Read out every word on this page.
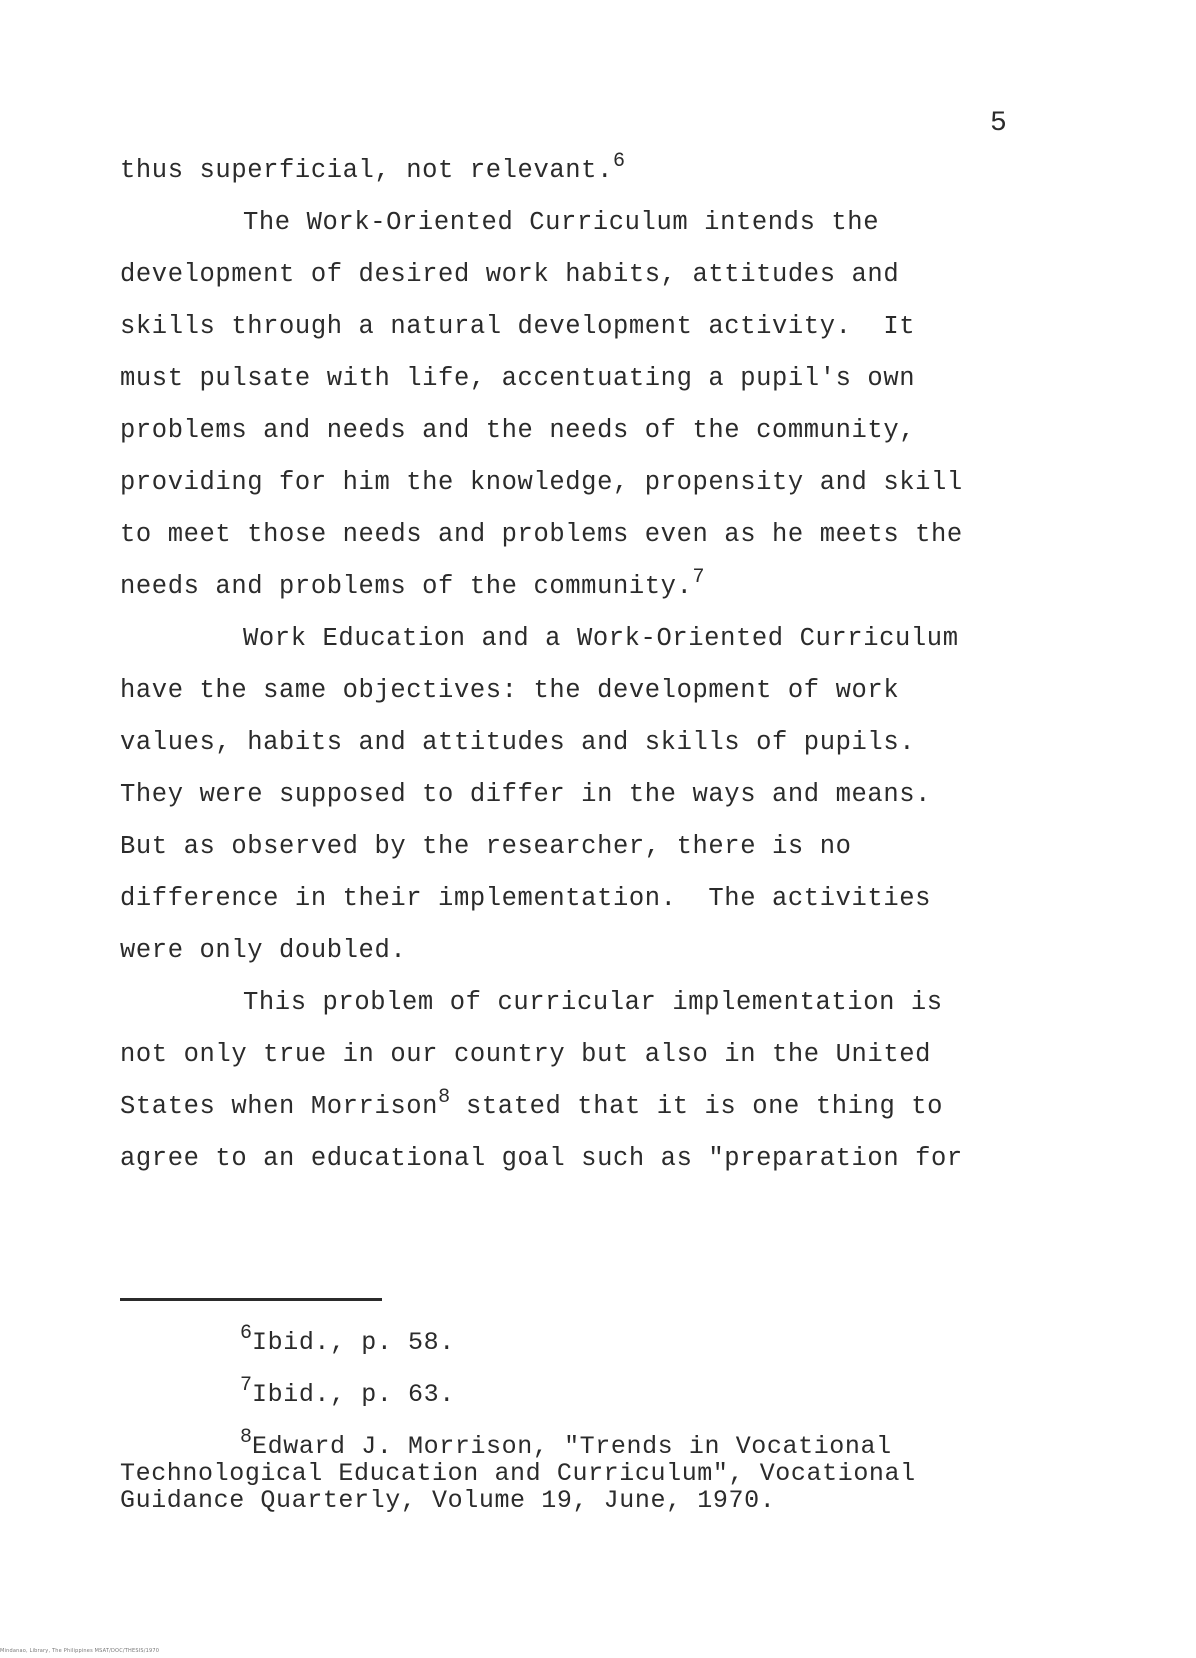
5
thus superficial, not relevant.$^6$
The Work-Oriented Curriculum intends the
development of desired work habits, attitudes and
skills through a natural development activity.  It
must pulsate with life, accentuating a pupil's own
problems and needs and the needs of the community,
providing for him the knowledge, propensity and skill
to meet those needs and problems even as he meets the
needs and problems of the community.$^7$
Work Education and a Work-Oriented Curriculum
have the same objectives: the development of work
values, habits and attitudes and skills of pupils.
They were supposed to differ in the ways and means.
But as observed by the researcher, there is no
difference in their implementation.  The activities
were only doubled.
This problem of curricular implementation is
not only true in our country but also in the United
States when Morrison$^8$ stated that it is one thing to
agree to an educational goal such as "preparation for
$^6$Ibid., p. 58.
$^7$Ibid., p. 63.
$^8$Edward J. Morrison, "Trends in Vocational
Technological Education and Curriculum", Vocational
Guidance Quarterly, Volume 19, June, 1970.
Mindanao, Library, The Philippines MSAT/DOC/THESIS/1970
